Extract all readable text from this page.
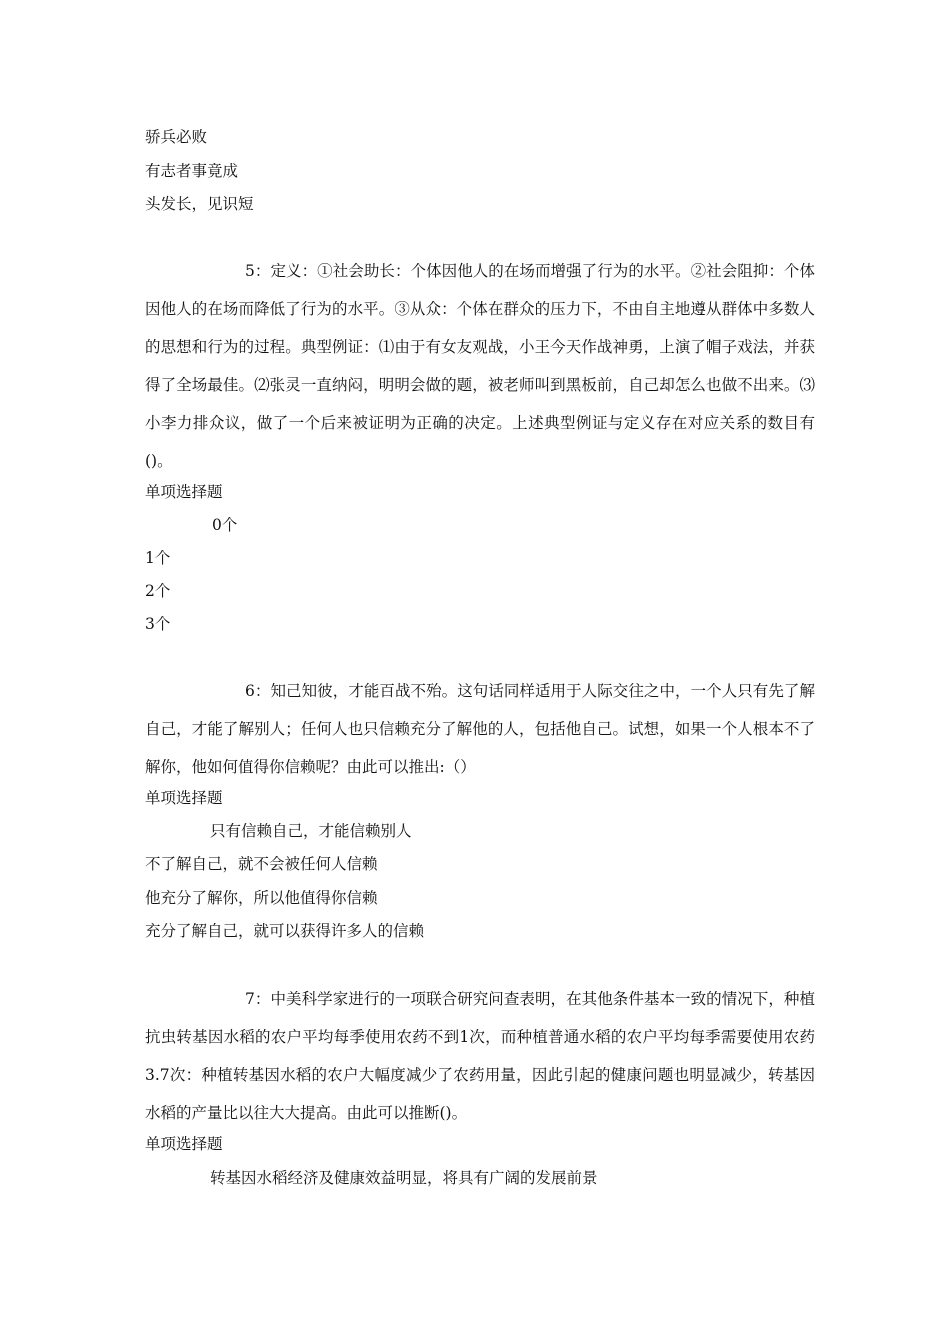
骄兵必败
有志者事竟成
头发长，见识短
5：定义：①社会助长：个体因他人的在场而增强了行为的水平。②社会阻抑：个体因他人的在场而降低了行为的水平。③从众：个体在群众的压力下，不由自主地遵从群体中多数人的思想和行为的过程。典型例证：⑴由于有女友观战，小王今天作战神勇，上演了帽子戏法，并获得了全场最佳。⑵张灵一直纳闷，明明会做的题，被老师叫到黑板前，自己却怎么也做不出来。⑶小李力排众议，做了一个后来被证明为正确的决定。上述典型例证与定义存在对应关系的数目有()。
单项选择题
0个
1个
2个
3个
6：知己知彼，才能百战不殆。这句话同样适用于人际交往之中，一个人只有先了解自己，才能了解别人；任何人也只信赖充分了解他的人，包括他自己。试想，如果一个人根本不了解你，他如何值得你信赖呢？由此可以推出:（）
单项选择题
只有信赖自己，才能信赖别人
不了解自己，就不会被任何人信赖
他充分了解你，所以他值得你信赖
充分了解自己，就可以获得许多人的信赖
7：中美科学家进行的一项联合研究问查表明，在其他条件基本一致的情况下，种植抗虫转基因水稻的农户平均每季使用农药不到1次，而种植普通水稻的农户平均每季需要使用农药3.7次：种植转基因水稻的农户大幅度减少了农药用量，因此引起的健康问题也明显减少，转基因水稻的产量比以往大大提高。由此可以推断()。
单项选择题
转基因水稻经济及健康效益明显，将具有广阔的发展前景
